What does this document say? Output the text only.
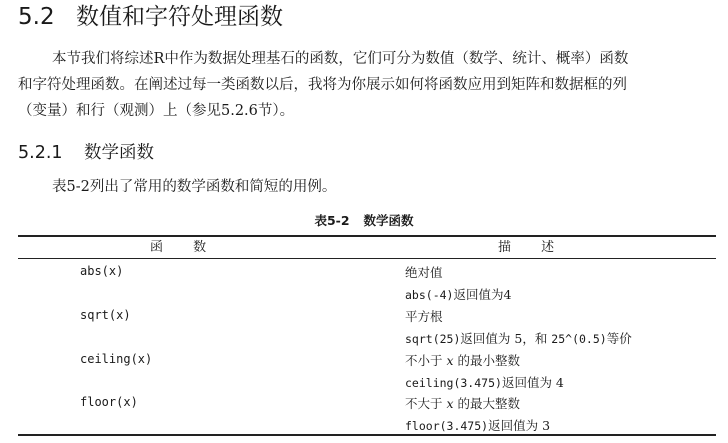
5.2 数值和字符处理函数
本节我们将综述R中作为数据处理基石的函数，它们可分为数值（数学、统计、概率）函数
和字符处理函数。在阐述过每一类函数以后，我将为你展示如何将函数应用到矩阵和数据框的列
（变量）和行（观测）上（参见5.2.6节）。
5.2.1 数学函数
表5-2列出了常用的数学函数和简短的用例。
表5-2 数学函数
函 数	描 述
abs(x)	绝对值
abs(-4)返回值为4
sqrt(x)	平方根
sqrt(25)返回值为 5，和 25^(0.5)等价
ceiling(x)	不小于 x 的最小整数
ceiling(3.475)返回值为 4
floor(x)	不大于 x 的最大整数
floor(3.475)返回值为 3
